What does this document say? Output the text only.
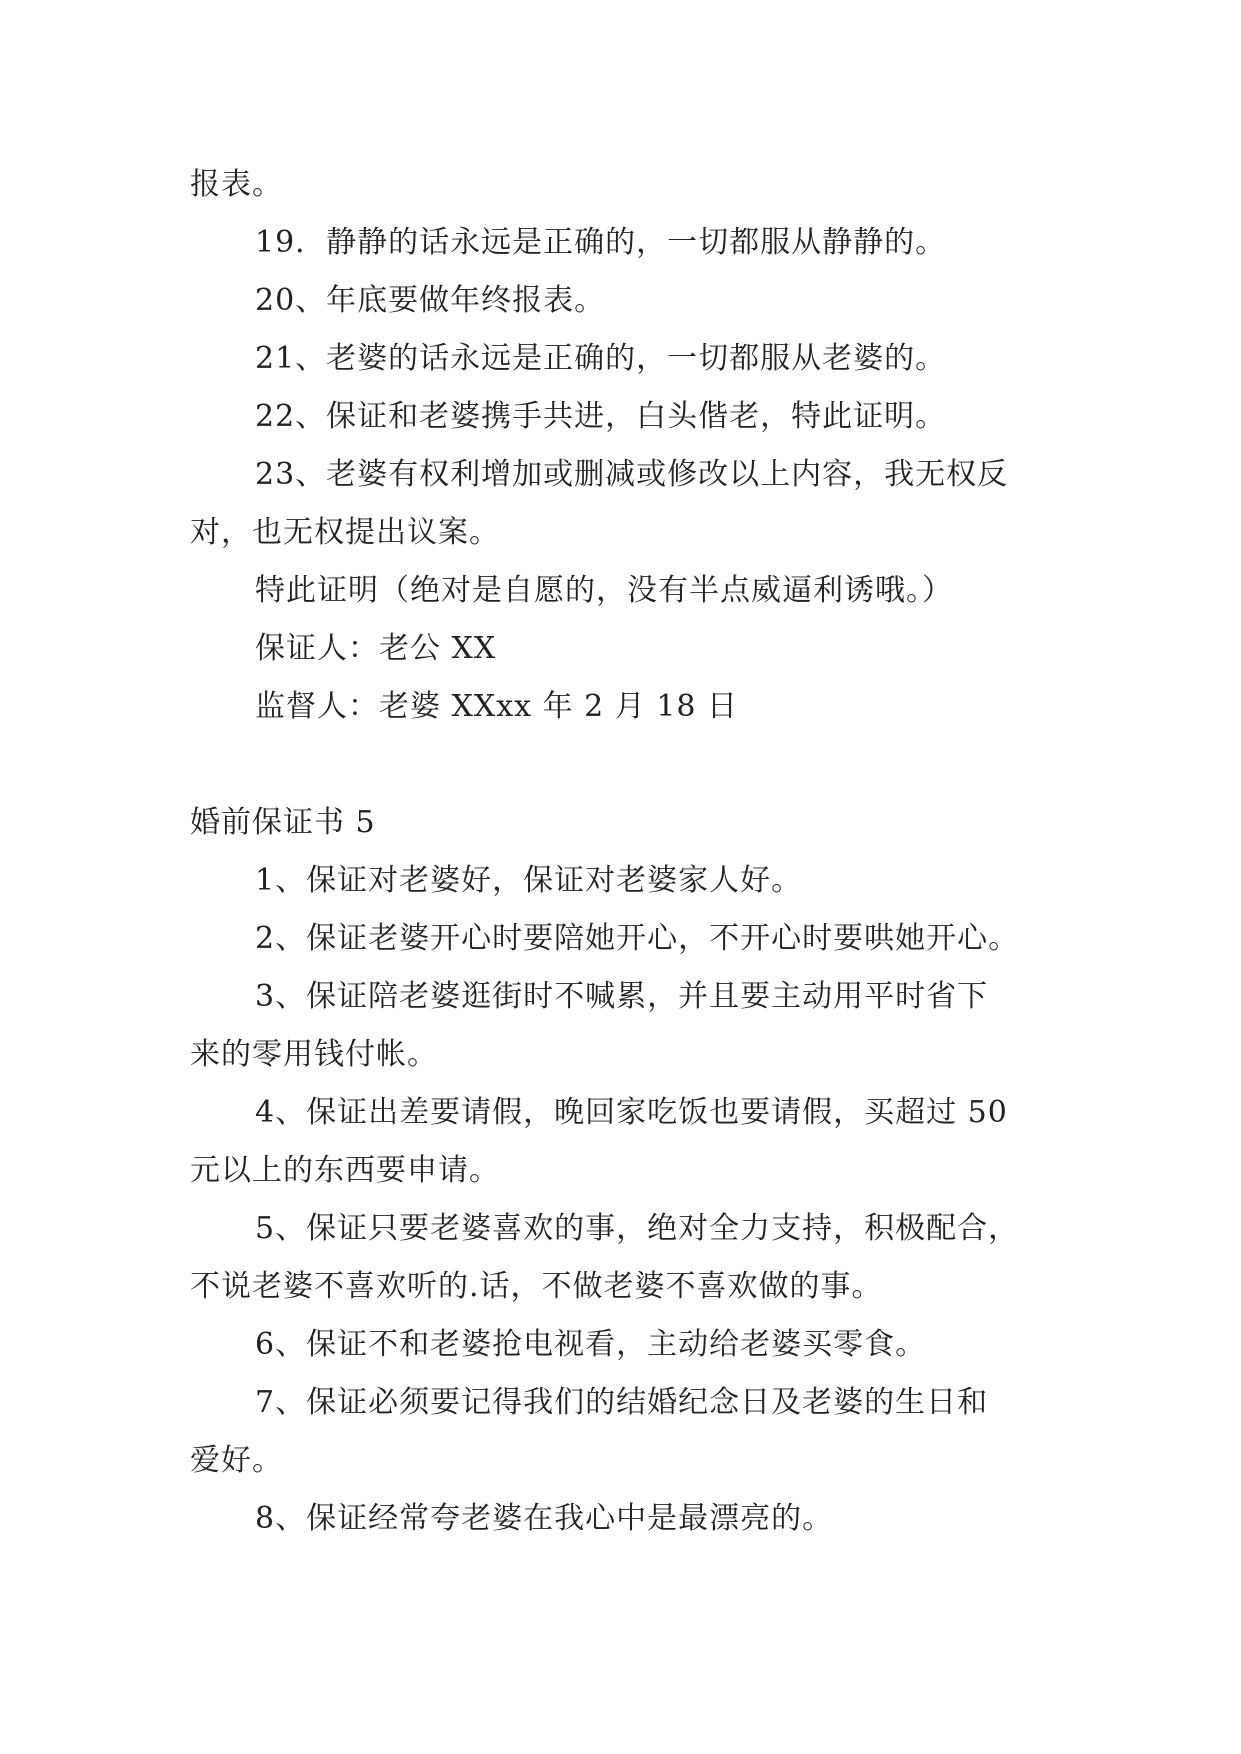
报表。

19．静静的话永远是正确的，一切都服从静静的。

20、年底要做年终报表。

21、老婆的话永远是正确的，一切都服从老婆的。

22、保证和老婆携手共进，白头偕老，特此证明。

23、老婆有权利增加或删减或修改以上内容，我无权反

对，也无权提出议案。

特此证明（绝对是自愿的，没有半点威逼利诱哦。）

保证人：老公 XX

监督人：老婆 XXxx 年 2 月 18 日

婚前保证书 5

1、保证对老婆好，保证对老婆家人好。

2、保证老婆开心时要陪她开心，不开心时要哄她开心。

3、保证陪老婆逛街时不喊累，并且要主动用平时省下

来的零用钱付帐。

4、保证出差要请假，晚回家吃饭也要请假，买超过 50

元以上的东西要申请。

5、保证只要老婆喜欢的事，绝对全力支持，积极配合，

不说老婆不喜欢听的.话，不做老婆不喜欢做的事。

6、保证不和老婆抢电视看，主动给老婆买零食。

7、保证必须要记得我们的结婚纪念日及老婆的生日和

爱好。

8、保证经常夸老婆在我心中是最漂亮的。
